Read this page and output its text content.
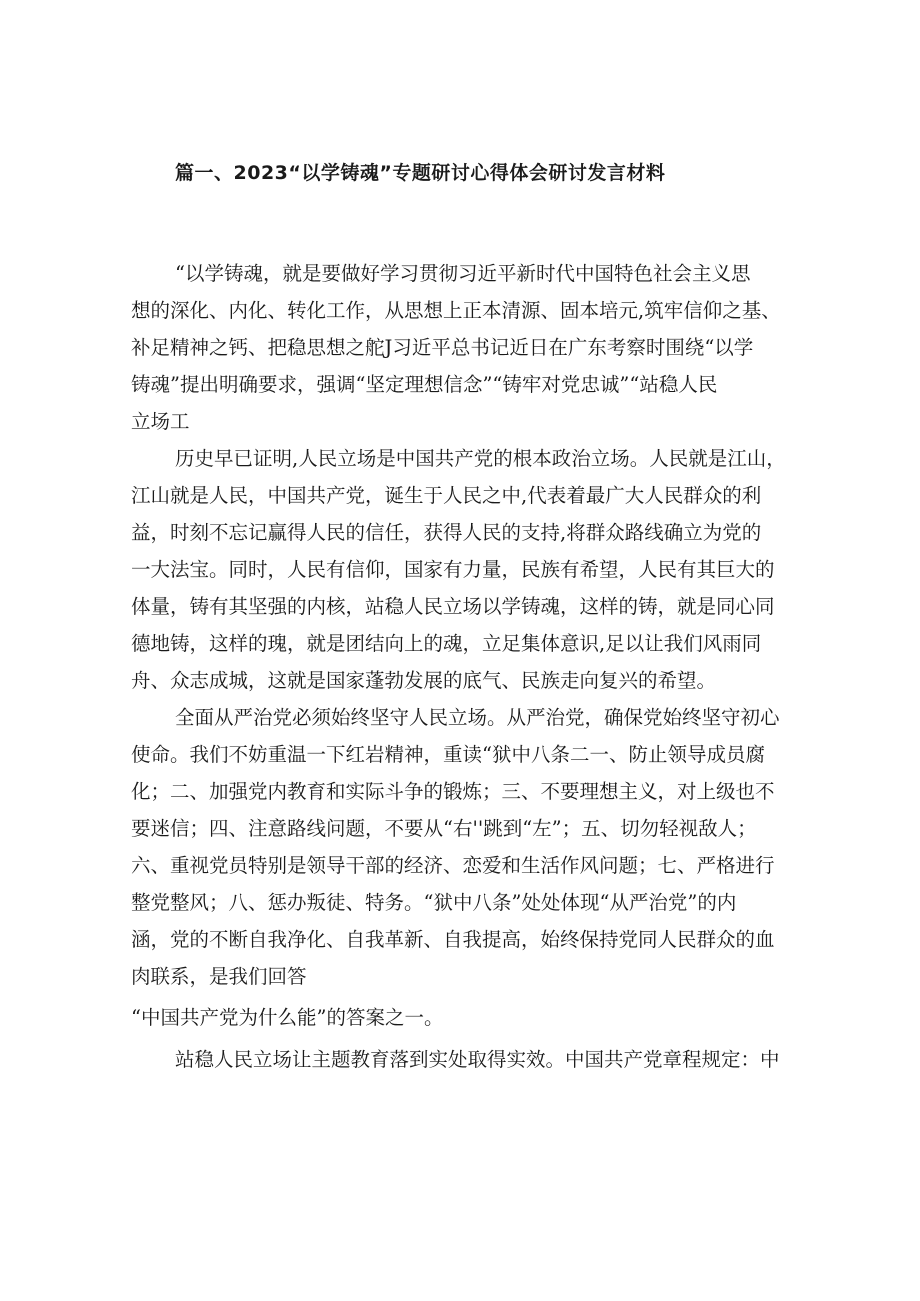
篇一、2023“以学铸魂”专题研讨心得体会研讨发言材料

“以学铸魂，就是要做好学习贯彻习近平新时代中国特色社会主义思

想的深化、内化、转化工作，从思想上正本清源、固本培元,筑牢信仰之基、

补足精神之钙、把稳思想之舵J习近平总书记近日在广东考察时围绕“以学

铸魂”提出明确要求，强调“坚定理想信念”“铸牢对党忠诚”“站稳人民

立场工

历史早已证明,人民立场是中国共产党的根本政治立场。人民就是江山，

江山就是人民，中国共产党，诞生于人民之中,代表着最广大人民群众的利

益，时刻不忘记赢得人民的信任，获得人民的支持,将群众路线确立为党的

一大法宝。同时，人民有信仰，国家有力量，民族有希望，人民有其巨大的

体量，铸有其坚强的内核，站稳人民立场以学铸魂，这样的铸，就是同心同

德地铸，这样的瑰，就是团结向上的魂，立足集体意识,足以让我们风雨同

舟、众志成城，这就是国家蓬勃发展的底气、民族走向复兴的希望。

全面从严治党必须始终坚守人民立场。从严治党，确保党始终坚守初心

使命。我们不妨重温一下红岩精神，重读“狱中八条二一、防止领导成员腐

化；二、加强党内教育和实际斗争的锻炼；三、不要理想主义，对上级也不

要迷信；四、注意路线问题，不要从“右''跳到“左”；五、切勿轻视敌人；

六、重视党员特别是领导干部的经济、恋爱和生活作风问题；七、严格进行

整党整风；八、惩办叛徒、特务。“狱中八条”处处体现“从严治党”的内

涵，党的不断自我净化、自我革新、自我提高，始终保持党同人民群众的血

肉联系，是我们回答

“中国共产党为什么能”的答案之一。

站稳人民立场让主题教育落到实处取得实效。中国共产党章程规定：中
